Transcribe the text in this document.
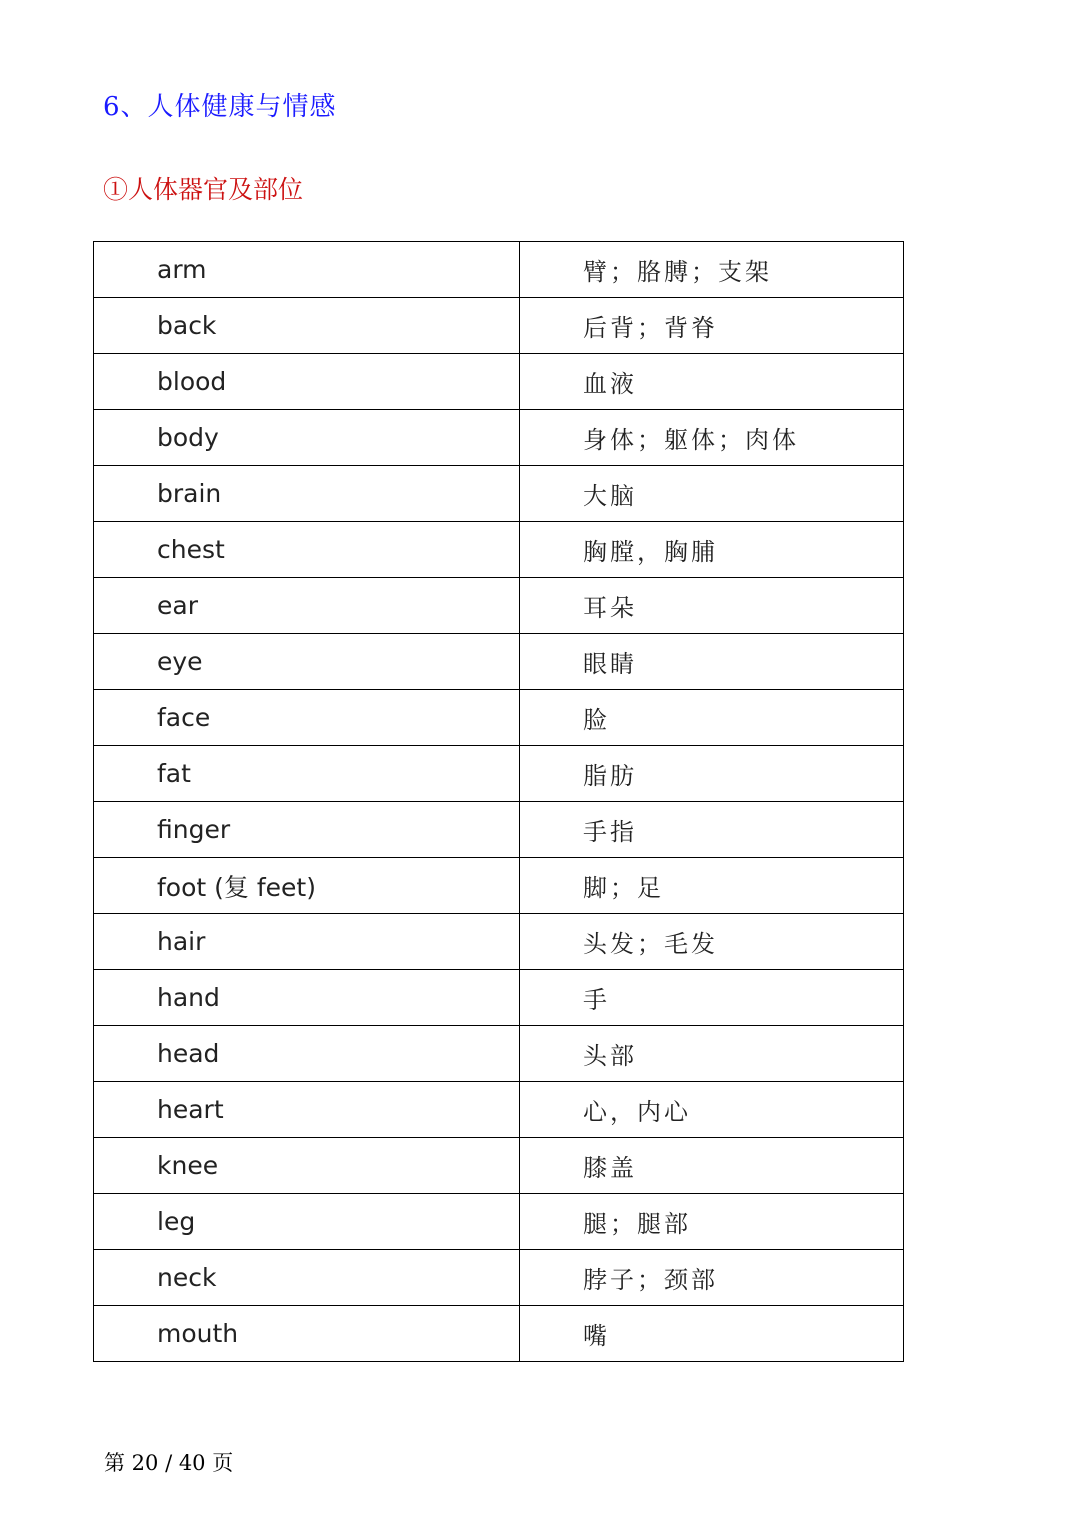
6、人体健康与情感
①人体器官及部位
arm	臂；胳膊；支架
back	后背；背脊
blood	血液
body	身体；躯体；肉体
brain	大脑
chest	胸膛，胸脯
ear	耳朵
eye	眼睛
face	脸
fat	脂肪
finger	手指
foot (复 feet)	脚；足
hair	头发；毛发
hand	手
head	头部
heart	心，内心
knee	膝盖
leg	腿；腿部
neck	脖子；颈部
mouth	嘴

第 20 / 40 页
